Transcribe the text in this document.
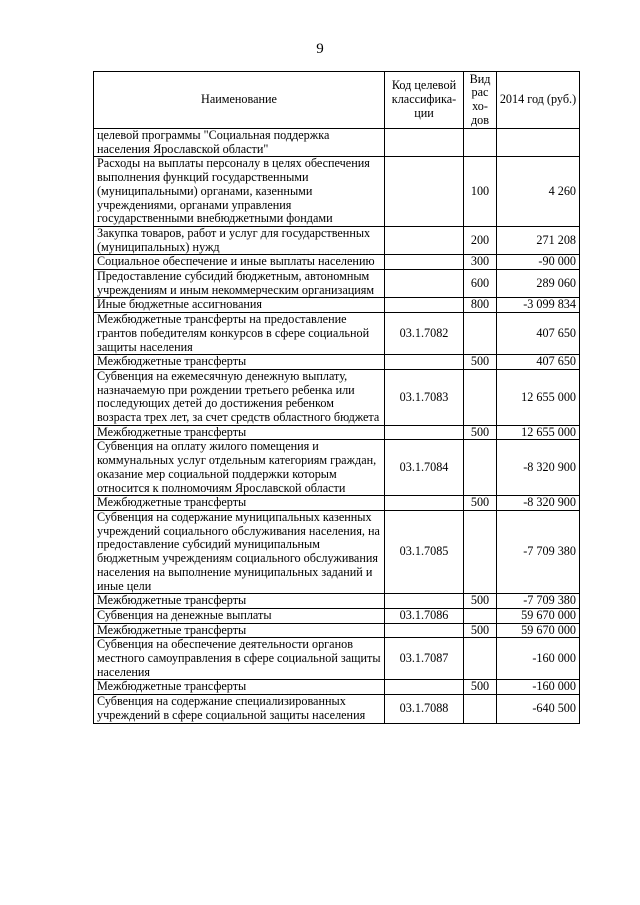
9
Наименование	Код целевой классифика-ции	Вид рас хо-дов	2014 год (руб.)
целевой программы "Социальная поддержка населения Ярославской области"			
Расходы на выплаты персоналу в целях обеспечения выполнения функций государственными (муниципальными) органами, казенными учреждениями, органами управления государственными внебюджетными фондами		100	4 260
Закупка товаров, работ и услуг для государственных (муниципальных) нужд		200	271 208
Социальное обеспечение и иные выплаты населению		300	-90 000
Предоставление субсидий бюджетным, автономным учреждениям и иным некоммерческим организациям		600	289 060
Иные бюджетные ассигнования		800	-3 099 834
Межбюджетные трансферты на предоставление грантов победителям конкурсов в сфере социальной защиты населения	03.1.7082		407 650
Межбюджетные трансферты		500	407 650
Субвенция на ежемесячную денежную выплату, назначаемую при рождении третьего ребенка или последующих детей до достижения ребенком возраста трех лет, за счет средств областного бюджета	03.1.7083		12 655 000
Межбюджетные трансферты		500	12 655 000
Субвенция на оплату жилого помещения и коммунальных услуг отдельным категориям граждан, оказание мер социальной поддержки которым относится к полномочиям Ярославской области	03.1.7084		-8 320 900
Межбюджетные трансферты		500	-8 320 900
Субвенция на содержание муниципальных казенных учреждений социального обслуживания населения, на предоставление субсидий муниципальным бюджетным учреждениям социального обслуживания населения на выполнение муниципальных заданий и иные цели	03.1.7085		-7 709 380
Межбюджетные трансферты		500	-7 709 380
Субвенция на денежные выплаты	03.1.7086		59 670 000
Межбюджетные трансферты		500	59 670 000
Субвенция на обеспечение деятельности органов местного самоуправления в сфере социальной защиты населения	03.1.7087		-160 000
Межбюджетные трансферты		500	-160 000
Субвенция на содержание специализированных учреждений в сфере социальной защиты населения	03.1.7088		-640 500
